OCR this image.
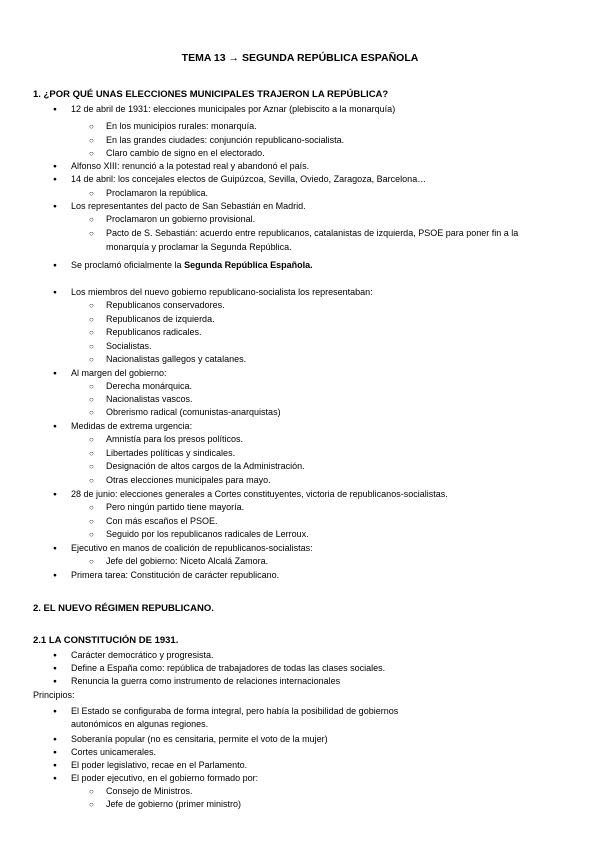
TEMA 13 → SEGUNDA REPÚBLICA ESPAÑOLA
1. ¿POR QUÉ UNAS ELECCIONES MUNICIPALES TRAJERON LA REPÚBLICA?
● 12 de abril de 1931: elecciones municipales por Aznar (plebiscito a la monarquía)
○ En los municipios rurales: monarquía.
○ En las grandes ciudades: conjunción republicano-socialista.
○ Claro cambio de signo en el electorado.
● Alfonso XIII: renunció a la potestad real y abandonó el país.
● 14 de abril: los concejales electos de Guipúzcoa, Sevilla, Oviedo, Zaragoza, Barcelona…
○ Proclamaron la república.
● Los representantes del pacto de San Sebastián en Madrid.
○ Proclamaron un gobierno provisional.
○ Pacto de S. Sebastián: acuerdo entre republicanos, catalanistas de izquierda, PSOE para poner fin a la
monarquía y proclamar la Segunda República.
● Se proclamó oficialmente la Segunda República Española.
● Los miembros del nuevo gobierno republicano-socialista los representaban:
○ Republicanos conservadores.
○ Republicanos de izquierda.
○ Republicanos radicales.
○ Socialistas.
○ Nacionalistas gallegos y catalanes.
● Al margen del gobierno:
○ Derecha monárquica.
○ Nacionalistas vascos.
○ Obrerismo radical (comunistas-anarquistas)
● Medidas de extrema urgencia:
○ Amnistía para los presos políticos.
○ Libertades políticas y sindicales.
○ Designación de altos cargos de la Administración.
○ Otras elecciones municipales para mayo.
● 28 de junio: elecciones generales a Cortes constituyentes, victoria de republicanos-socialistas.
○ Pero ningún partido tiene mayoría.
○ Con más escaños el PSOE.
○ Seguido por los republicanos radicales de Lerroux.
● Ejecutivo en manos de coalición de republicanos-socialistas:
○ Jefe del gobierno: Niceto Alcalá Zamora.
● Primera tarea: Constitución de carácter republicano.
2. EL NUEVO RÉGIMEN REPUBLICANO.
2.1 LA CONSTITUCIÓN DE 1931.
● Carácter democrático y progresista.
● Define a España como: república de trabajadores de todas las clases sociales.
● Renuncia la guerra como instrumento de relaciones internacionales
Principios:
● El Estado se configuraba de forma integral, pero había la posibilidad de gobiernos
autonómicos en algunas regiones.
● Soberanía popular (no es censitaria, permite el voto de la mujer)
● Cortes unicamerales.
● El poder legislativo, recae en el Parlamento.
● El poder ejecutivo, en el gobierno formado por:
○ Consejo de Ministros.
○ Jefe de gobierno (primer ministro)
